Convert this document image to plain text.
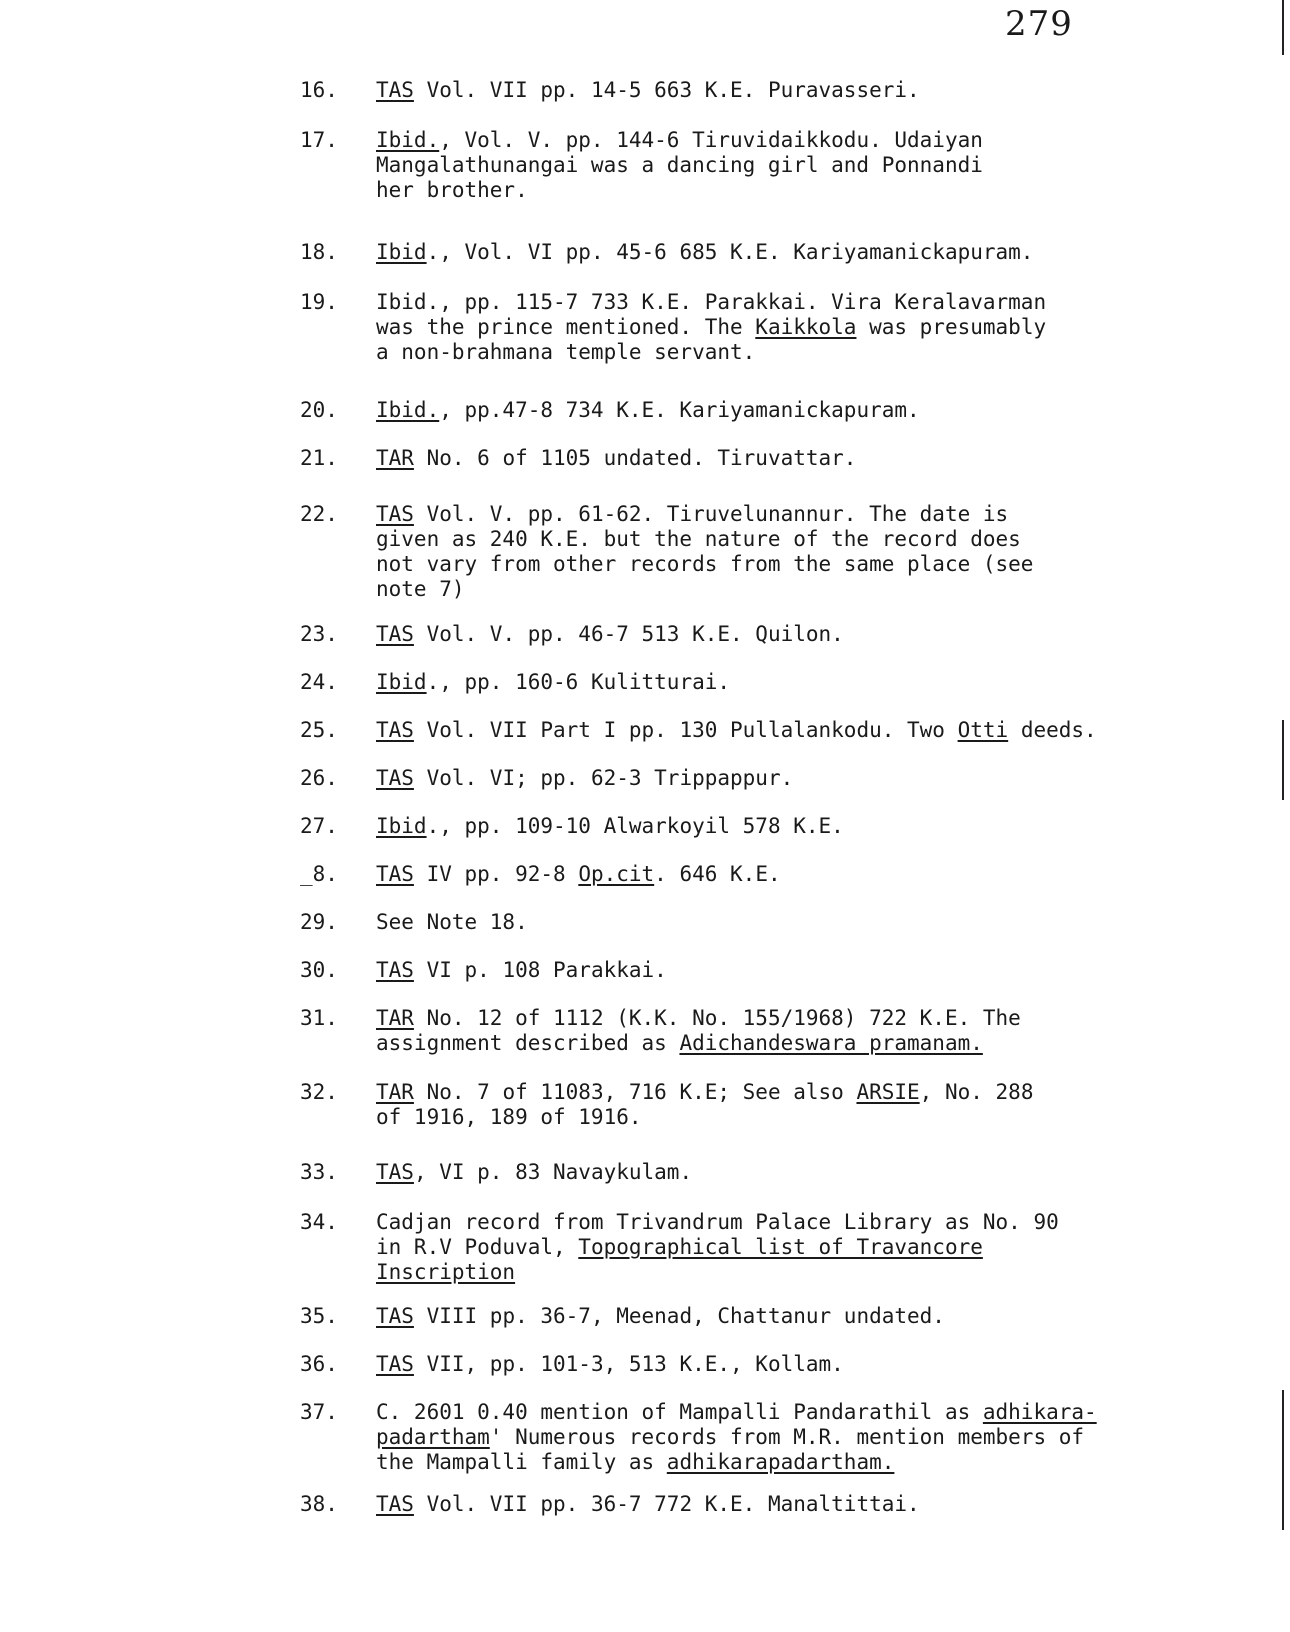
279
16.	TAS Vol. VII pp. 14-5 663 K.E. Puravasseri.
17.	Ibid., Vol. V. pp. 144-6 Tiruvidaikkodu. Udaiyan
Mangalathunangai was a dancing girl and Ponnandi
her brother.
18.	Ibid., Vol. VI pp. 45-6 685 K.E. Kariyamanickapuram.
19.	Ibid., pp. 115-7 733 K.E. Parakkai. Vira Keralavarman
was the prince mentioned. The Kaikkola was presumably
a non-brahmana temple servant.
20.	Ibid., pp.47-8 734 K.E. Kariyamanickapuram.
21.	TAR No. 6 of 1105 undated. Tiruvattar.
22.	TAS Vol. V. pp. 61-62. Tiruvelunannur. The date is
given as 240 K.E. but the nature of the record does
not vary from other records from the same place (see
note 7)
23.	TAS Vol. V. pp. 46-7 513 K.E. Quilon.
24.	Ibid., pp. 160-6 Kulitturai.
25.	TAS Vol. VII Part I pp. 130 Pullalankodu. Two Otti deeds.
26.	TAS Vol. VI; pp. 62-3 Trippappur.
27.	Ibid., pp. 109-10 Alwarkoyil 578 K.E.
_8.	TAS IV pp. 92-8 Op.cit. 646 K.E.
29.	See Note 18.
30.	TAS VI p. 108 Parakkai.
31.	TAR No. 12 of 1112 (K.K. No. 155/1968) 722 K.E. The
assignment described as Adichandeswara pramanam.
32.	TAR No. 7 of 11083, 716 K.E; See also ARSIE, No. 288
of 1916, 189 of 1916.
33.	TAS, VI p. 83 Navaykulam.
34.	Cadjan record from Trivandrum Palace Library as No. 90
in R.V Poduval, Topographical list of Travancore
Inscription
35.	TAS VIII pp. 36-7, Meenad, Chattanur undated.
36.	TAS VII, pp. 101-3, 513 K.E., Kollam.
37.	C. 2601 0.40 mention of Mampalli Pandarathil as adhikara-
padartham' Numerous records from M.R. mention members of
the Mampalli family as adhikarapadartham.
38.	TAS Vol. VII pp. 36-7 772 K.E. Manaltittai.
